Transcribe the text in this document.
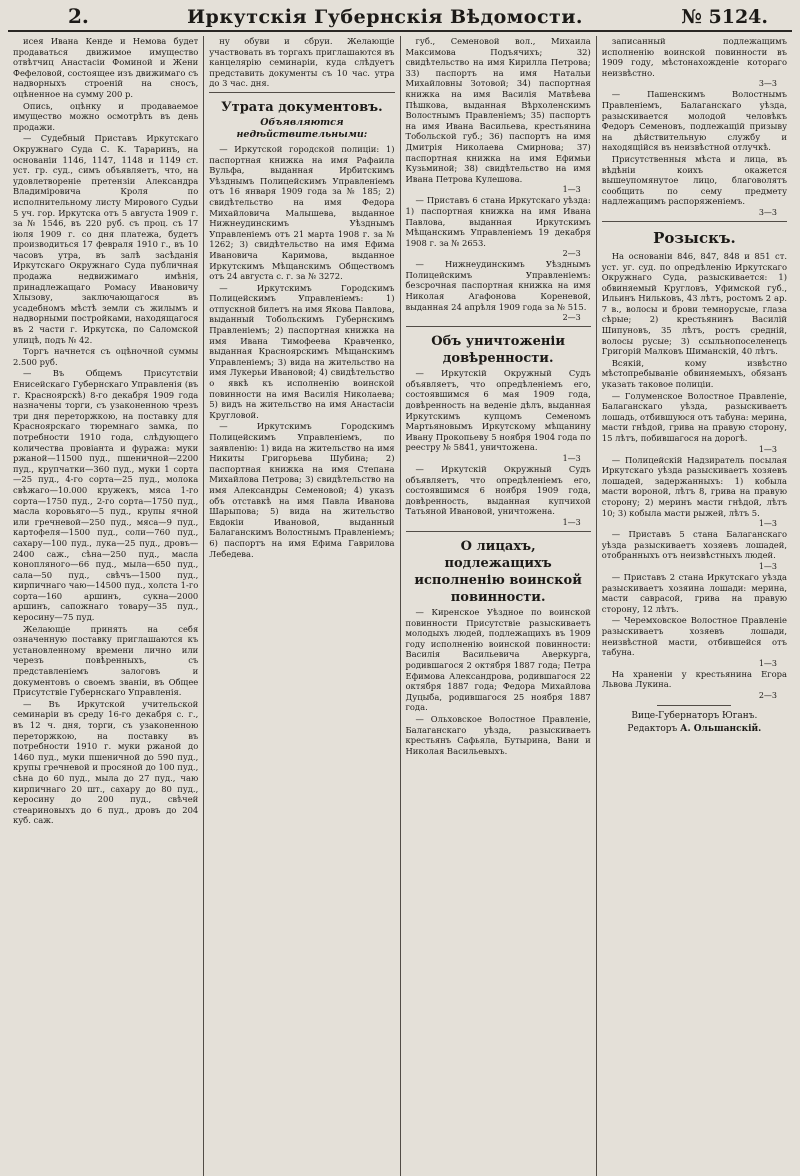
2.	Иркутскія Губернскія Вѣдомости.	№ 5124.

исея Ивана Кенде и Немова будет продаваться движимое имущество отвѣтчиц Анастасіи Фоминой и Жени Фефеловой, состоящее изъ движимаго съ надворныхъ строеній на сносъ, оцѣненное на сумму 200 р.

Опись, оцѣнку и продаваемое имущество можно осмотрѣть въ день продажи.

— Судебный Приставъ Иркутскаго Окружнаго Суда С. К. Тараринъ, на основаніи 1146, 1147, 1148 и 1149 ст. уст. гр. суд., симъ объявляетъ, что, на удовлетвореніе претензіи Александра Владиміровича Кроля по исполнительному листу Мирового Судьи 5 уч. гор. Иркутска отъ 5 августа 1909 г. за № 1546, въ 220 руб. съ прoц. съ 17 іюля 1909 г. со дня платежа, будетъ производиться 17 февраля 1910 г., въ 10 часовъ утра, въ залѣ засѣданія Иркутскаго Окружнаго Суда публичная продажа недвижимаго имѣнія, принадлежащаго Ромасу Ивановичу Хлызову, заключающагося въ усадебномъ мѣстѣ земли съ жилымъ и надворными постройками, находящагося въ 2 части г. Иркутска, по Саломской улицѣ, подъ № 42.

Торгъ начнется съ оцѣночной суммы 2.500 руб.

— Въ Общемъ Присутствіи Енисейскаго Губернскаго Управленія (въ г. Красноярскѣ) 8-го декабря 1909 года назначены торги, съ узаконенною чрезъ три дня переторжкою, на поставку для Красноярскаго тюремнаго замка, по потребности 1910 года, слѣдующего количества провіанта и фуража: муки ржаной—11500 пуд., пшеничной—2200 пуд., крупчатки—360 пуд., муки 1 сорта—25 пуд., 4-го сорта—25 пуд., молока свѣжаго—10.000 кружекъ, мяса 1-го сорта—1750 пуд., 2-го сорта—1750 пуд., масла коровьяго—5 пуд., крупы ячной или гречневой—250 пуд., мяса—9 пуд., картофеля—1500 пуд., соли—760 пуд., сахару—100 пуд., лука—25 пуд., дровъ—2400 саж., сѣна—250 пуд., масла конопляного—66 пуд., мыла—650 пуд., сала—50 пуд., свѣчъ—1500 пуд., кирпичнаго чаю—14500 пуд., холста 1-го сорта—160 аршинъ, сукна—2000 аршинъ, сапожнаго товару—35 пуд., керосину—75 пуд.

Желающіе принять на себя означенную поставку приглашаются къ установленному времени лично или черезъ повѣренныхъ, съ представленіемъ залоговъ и документовъ о своемъ званіи, въ Общее Присутствіе Губернскаго Управленія.

— Въ Иркутской учительской семинаріи въ среду 16-го декабря с. г., въ 12 ч. дня, торги, съ узаконенною переторжкою, на поставку въ потребности 1910 г. муки ржаной до 1460 пуд., муки пшеничной до 590 пуд., крупы гречневой и просяной до 100 пуд., сѣна до 60 пуд., мыла до 27 пуд., чаю кирпичнаго 20 шт., сахару до 80 пуд., керосину до 200 пуд., свѣчей стеариновыхъ до 6 пуд., дровъ до 204 куб. саж.

ну обуви и сбруи. Желающіе участвовать въ торгахъ приглашаются въ канцелярію семинаріи, куда слѣдуетъ представить документы съ 10 час. утра до 3 час. дня.

Утрата документовъ.
Объявляются недѣйствительными:

— Иркутской городской полиціи: 1) паспортная книжка на имя Рафаила Вульфа, выданная Ирбитскимъ Уѣзднымъ Полицейскимъ Управленіемъ отъ 16 января 1909 года за № 185; 2) свидѣтельство на имя Федора Михайловича Малышева, выданное Нижнеудинскимъ Уѣзднымъ Управленіемъ отъ 21 марта 1908 г. за № 1262; 3) свидѣтельство на имя Ефима Ивановича Каримова, выданное Иркутскимъ Мѣщанскимъ Обществомъ отъ 24 августа с. г. за № 3272.

— Иркутскимъ Городскимъ Полицейскимъ Управленіемъ: 1) отпускной билетъ на имя Якова Павлова, выданный Тобольскимъ Губернскимъ Правленіемъ; 2) паспортная книжка на имя Ивана Тимофеева Кравченко, выданная Красноярскимъ Мѣщанскимъ Управленіемъ; 3) вида на жительство на имя Лукерьи Ивановой; 4) свидѣтельство о явкѣ къ исполненію воинской повинности на имя Василія Николаева; 5) видъ на жительство на имя Анастасіи Кругловой.

— Иркутскимъ Городскимъ Полицейскимъ Управленіемъ, по заявленію: 1) вида на жительство на имя Никиты Григорьева Шубина; 2) паспортная книжка на имя Степана Михайлова Петрова; 3) свидѣтельство на имя Александры Семеновой; 4) указъ объ отставкѣ на имя Павла Иванова Шарыпова; 5) вида на жительство Евдокіи Ивановой, выданный Балаганскимъ Волостнымъ Правленіемъ; 6) паспортъ на имя Ефима Гаврилова Лебедева.

губ., Семеновой вол., Михаила Максимова Подъячихъ; 32) свидѣтельство на имя Кирилла Петрова; 33) паспортъ на имя Натальи Михайловны Зотовой; 34) паспортная книжка на имя Василія Матвѣева Пѣшкова, выданная Вѣрхоленскимъ Волостнымъ Правленіемъ; 35) паспортъ на имя Ивана Васильева, крестьянина Тобольской губ.; 36) паспортъ на имя Дмитрія Николаева Смирнова; 37) паспортная книжка на имя Ефимьи Кузьминой; 38) свидѣтельство на имя Ивана Петрова Кулешова.

1—3

— Приставъ 6 стана Иркутскаго уѣзда: 1) паспортная книжка на имя Ивана Павлова, выданная Иркутскимъ Мѣщанскимъ Управленіемъ 19 декабря 1908 г. за № 2653.

2—3

— Нижнеудинскимъ Уѣзднымъ Полицейскимъ Управленіемъ: безсрочная паспортная книжка на имя Николая Агафонова Кореневой, выданная 24 апрѣля 1909 года за № 515.

2—3
Объ уничтоженіи довѣренности.

— Иркутскій Окружный Судъ объявляетъ, что опредѣленіемъ его, состоявшимся 6 мая 1909 года, довѣренность на веденіе дѣлъ, выданная Иркутскимъ купцомъ Семеномъ Мартьяновымъ Иркутскому мѣщанину Ивану Прокопьеву 5 ноября 1904 года по реестру № 5841, уничтожена.

1—3

— Иркутскій Окружный Судъ объявляетъ, что опредѣленіемъ его, состоявшимся 6 ноября 1909 года, довѣренность, выданная купчихой Татьяной Ивановой, уничтожена.

1—3
О лицахъ, подлежащихъ исполненію воинской повинности.

— Киренское Уѣздное по воинской повинности Присутствіе разыскиваетъ молодыхъ людей, подлежащихъ въ 1909 году исполненію воинской повинности: Василія Васильевича Аверкурга, родившагося 2 октября 1887 года; Петра Ефимова Александрова, родившагося 22 октября 1887 года; Федора Михайлова Дуцыба, родившагося 25 ноября 1887 года.

— Ольховское Волостное Правленіе, Балаганскаго уѣзда, разыскиваетъ крестьянъ Сафьяла, Бутырина, Вани и Николая Васильевыхъ.

записанный подлежащимъ исполненію воинской повинности въ 1909 году, мѣстонахожденіе котораго неизвѣстно.

3—3

— Пашенскимъ Волостнымъ Правленіемъ, Балаганскаго уѣзда, разыскивается молодой человѣкъ Федоръ Семеновъ, подлежащій призыву на дѣйствительную службу и находящійся въ неизвѣстной отлучкѣ.

Присутственныя мѣста и лица, въ вѣдѣніи коихъ окажется вышеупомянутое лицо, благоволятъ сообщить по сему предмету надлежащимъ распоряженіемъ.

3—3
Розыскъ.

На основаніи 846, 847, 848 и 851 ст. уст. уг. суд. по опредѣленію Иркутскаго Окружнаго Суда, разыскивается: 1) обвиняемый Кругловъ, Уфимской губ., Ильинъ Нильковъ, 43 лѣтъ, ростомъ 2 ар. 7 в., волосы и брови темнорусые, глаза сѣрые; 2) крестьянинъ Василій Шипуновъ, 35 лѣтъ, ростъ средній, волосы русые; 3) ссыльнопоселенецъ Григорій Малковъ Шиманскій, 40 лѣтъ.

Всякій, кому извѣстно мѣстопребываніе обвиняемыхъ, обязанъ указать таковое полиціи.

— Голуменское Волостное Правленіе, Балаганскаго уѣзда, разыскиваетъ лошадь, отбившуюся отъ табуна: мерина, масти гнѣдой, грива на правую сторону, 15 лѣтъ, побившагося на дорогѣ.

1—3

— Полицейскій Надзиратель посылая Иркутскаго уѣзда разыскиваетъ хозяевъ лошадей, задержанныхъ: 1) кобыла масти вороной, лѣтъ 8, грива на правую сторону; 2) меринъ масти гнѣдой, лѣтъ 10; 3) кобыла масти рыжей, лѣтъ 5.

1—3

— Приставъ 5 стана Балаганскаго уѣзда разыскиваетъ хозяевъ лошадей, отобранныхъ отъ неизвѣстныхъ людей.

1—3

— Приставъ 2 стана Иркутскаго уѣзда разыскиваетъ хозяина лошади: мерина, масти саврасой, грива на правую сторону, 12 лѣтъ.

— Черемховское Волостное Правленіе разыскиваетъ хозяевъ лошади, неизвѣстной масти, отбившейся отъ табуна.

1—3

На храненіи у крестьянина Егора Львова Лукина.

2—3
Вице-Губернаторъ Юганъ.
Редакторъ А. Ольшанскій.
